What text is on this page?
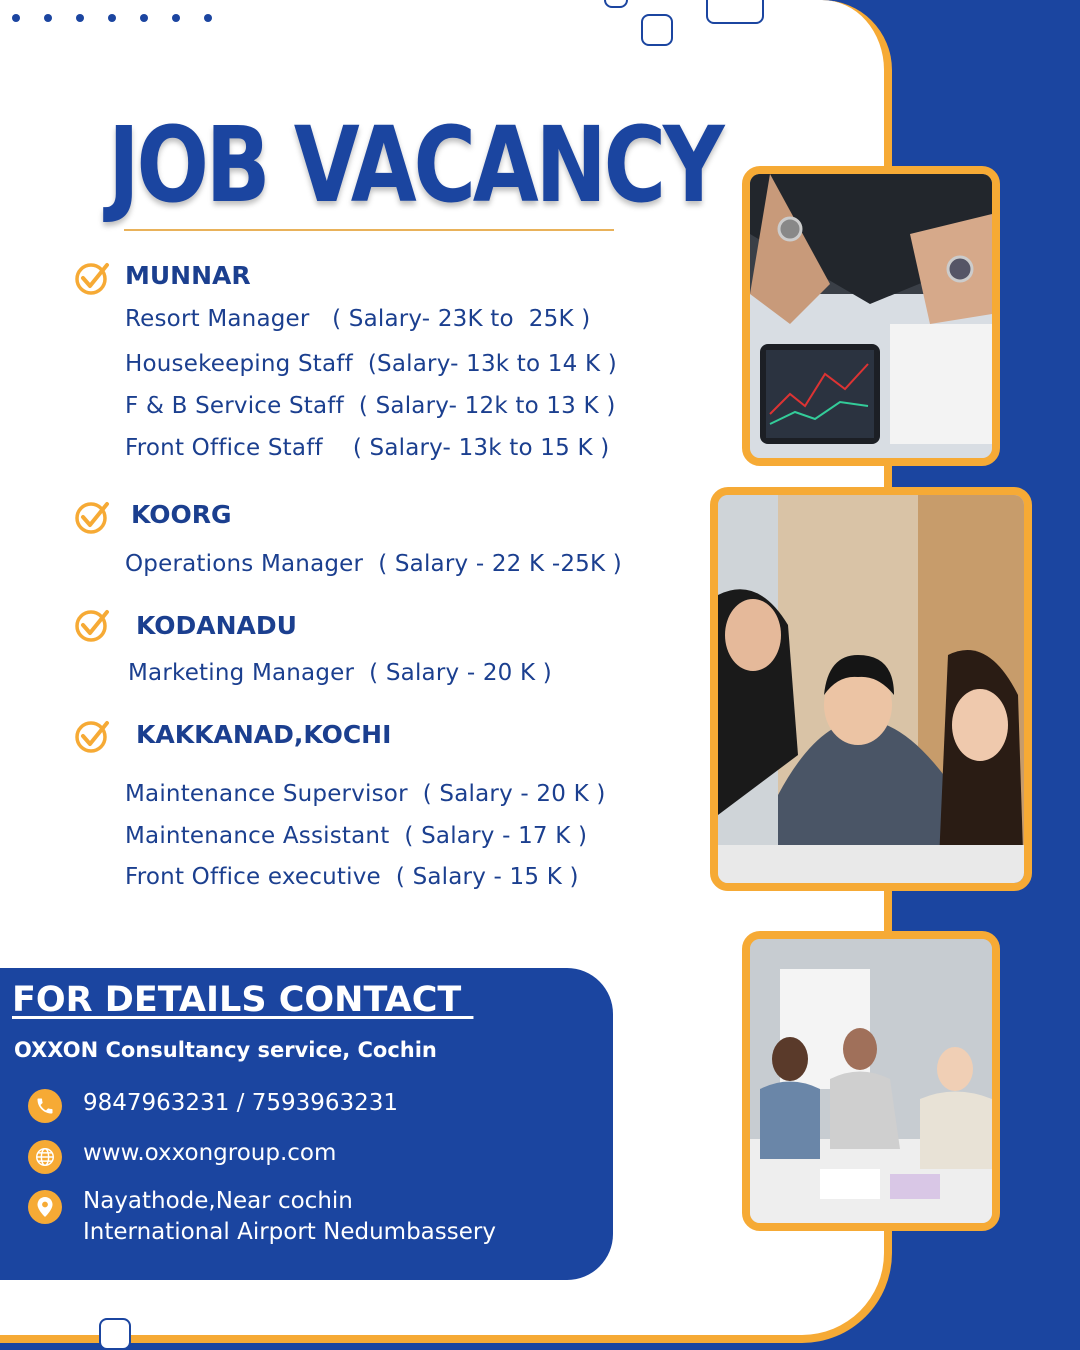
JOB VACANCY
MUNNAR
Resort Manager   ( Salary- 23K to  25K )
Housekeeping Staff  (Salary- 13k to 14 K )
F & B Service Staff  ( Salary- 12k to 13 K )
Front Office Staff    ( Salary- 13k to 15 K )
KOORG
Operations Manager  ( Salary - 22 K -25K )
KODANADU
Marketing Manager  ( Salary - 20 K )
KAKKANAD,KOCHI
Maintenance Supervisor  ( Salary - 20 K )
Maintenance Assistant  ( Salary - 17 K )
Front Office executive  ( Salary - 15 K )
FOR DETAILS CONTACT
OXXON Consultancy service, Cochin
9847963231 / 7593963231
www.oxxongroup.com
Nayathode,Near cochin
International Airport Nedumbassery
